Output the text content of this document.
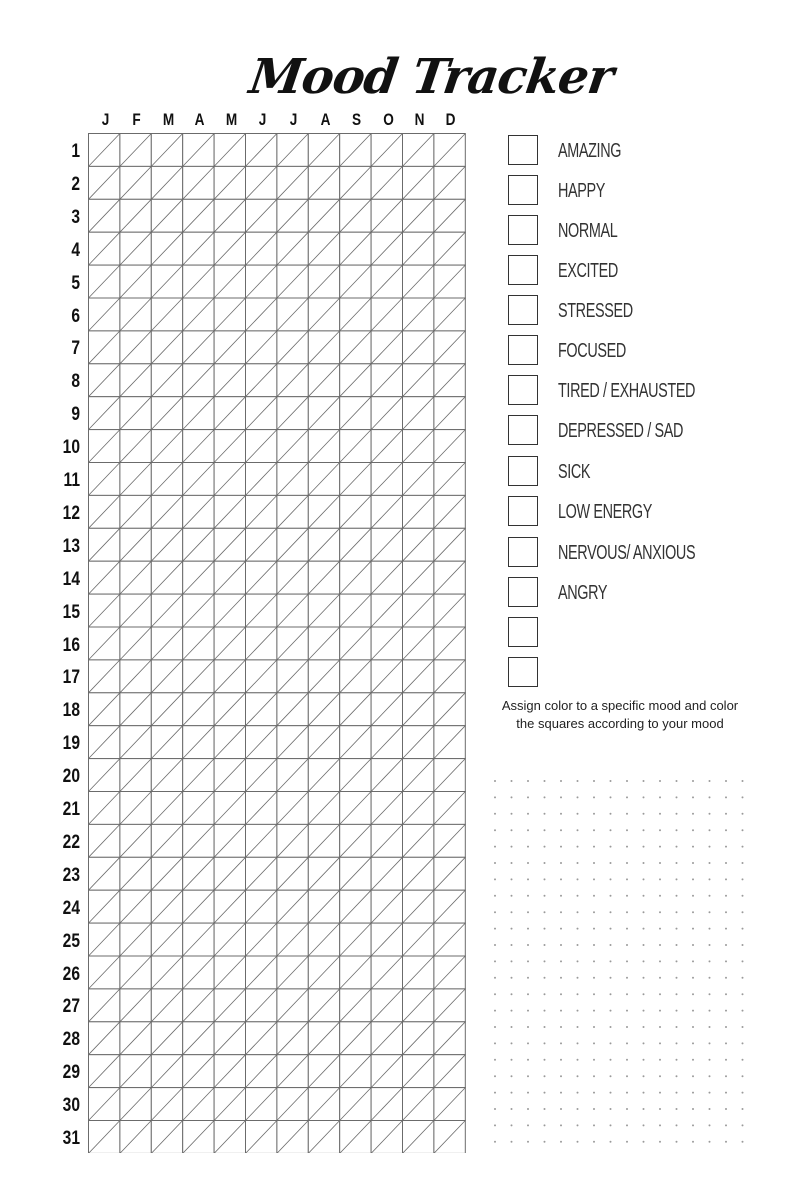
Mood Tracker
J	F	M	A	M	J	J	A	S	O	N	D
1
2
3
4
5
6
7
8
9
10
11
12
13
14
15
16
17
18
19
20
21
22
23
24
25
26
27
28
29
30
31
AMAZING
HAPPY
NORMAL
EXCITED
STRESSED
FOCUSED
TIRED / EXHAUSTED
DEPRESSED / SAD
SICK
LOW ENERGY
NERVOUS/ ANXIOUS
ANGRY
Assign color to a specific mood and color the squares according to your mood
